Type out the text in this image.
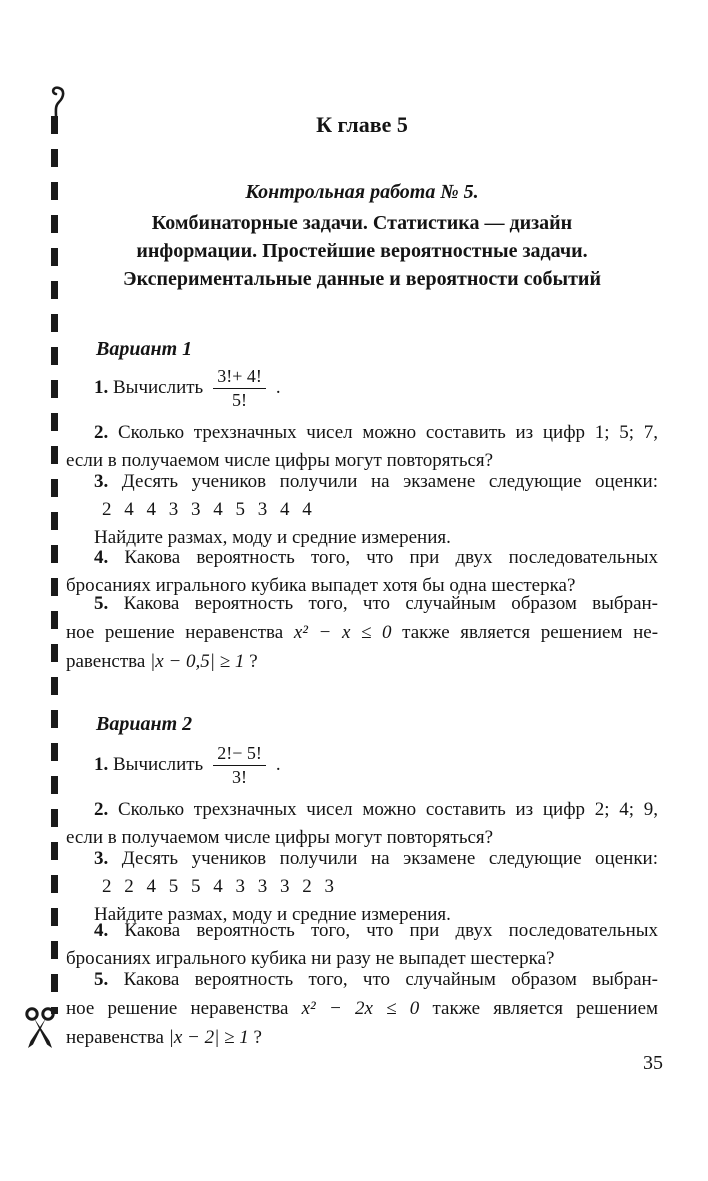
К главе 5
Контрольная работа № 5.
Комбинаторные задачи. Статистика — дизайн
информации. Простейшие вероятностные задачи.
Экспериментальные данные и вероятности событий
Вариант 1
1. Вычислить $\frac{3!+ 4!}{5!}$ .
2. Сколько трехзначных чисел можно составить из цифр 1; 5; 7,
если в получаемом числе цифры могут повторяться?
3. Десять учеников получили на экзамене следующие оценки:
2 4 4 3 3 4 5 3 4 4
Найдите размах, моду и средние измерения.
4. Какова вероятность того, что при двух последовательных
бросаниях игрального кубика выпадет хотя бы одна шестерка?
5. Какова вероятность того, что случайным образом выбран-
ное решение неравенства x² − x ≤ 0 также является решением не-
равенства |x − 0,5| ≥ 1 ?
Вариант 2
1. Вычислить $\frac{2!- 5!}{3!}$ .
2. Сколько трехзначных чисел можно составить из цифр 2; 4; 9,
если в получаемом числе цифры могут повторяться?
3. Десять учеников получили на экзамене следующие оценки:
2 2 4 5 5 4 3 3 3 2 3
Найдите размах, моду и средние измерения.
4. Какова вероятность того, что при двух последовательных
бросаниях игрального кубика ни разу не выпадет шестерка?
5. Какова вероятность того, что случайным образом выбран-
ное решение неравенства x² − 2x ≤ 0 также является решением
неравенства |x − 2| ≥ 1 ?
35
